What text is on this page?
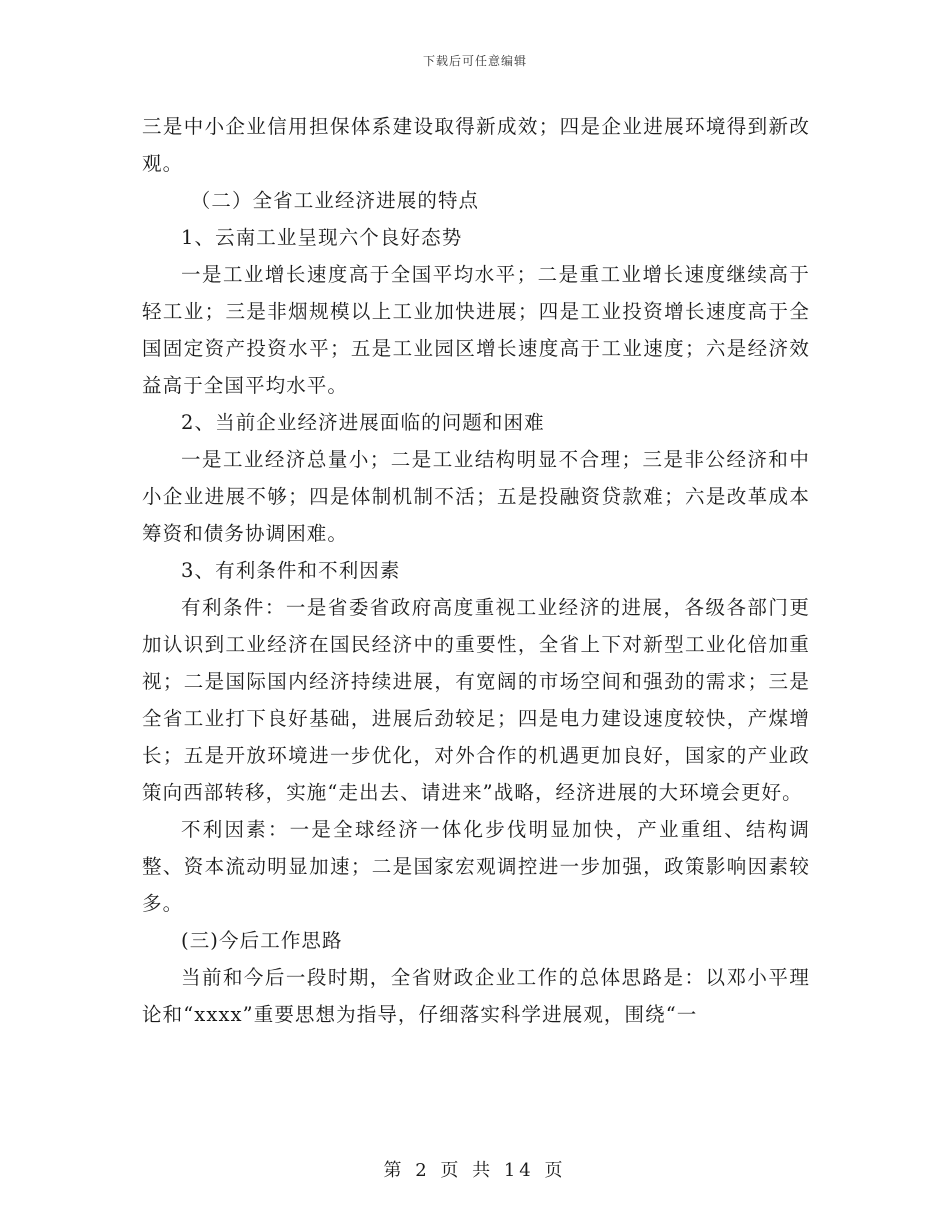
下载后可任意编辑

三是中小企业信用担保体系建设取得新成效；四是企业进展环境得到新改观。

（二）全省工业经济进展的特点

1、云南工业呈现六个良好态势

一是工业增长速度高于全国平均水平；二是重工业增长速度继续高于轻工业；三是非烟规模以上工业加快进展；四是工业投资增长速度高于全国固定资产投资水平；五是工业园区增长速度高于工业速度；六是经济效益高于全国平均水平。

2、当前企业经济进展面临的问题和困难

一是工业经济总量小；二是工业结构明显不合理；三是非公经济和中小企业进展不够；四是体制机制不活；五是投融资贷款难；六是改革成本筹资和债务协调困难。

3、有利条件和不利因素

有利条件：一是省委省政府高度重视工业经济的进展，各级各部门更加认识到工业经济在国民经济中的重要性，全省上下对新型工业化倍加重视；二是国际国内经济持续进展，有宽阔的市场空间和强劲的需求；三是全省工业打下良好基础，进展后劲较足；四是电力建设速度较快，产煤增长；五是开放环境进一步优化，对外合作的机遇更加良好，国家的产业政策向西部转移，实施“走出去、请进来”战略，经济进展的大环境会更好。

不利因素：一是全球经济一体化步伐明显加快，产业重组、结构调整、资本流动明显加速；二是国家宏观调控进一步加强，政策影响因素较多。

(三)今后工作思路

当前和今后一段时期，全省财政企业工作的总体思路是：以邓小平理论和“xxxx”重要思想为指导，仔细落实科学进展观，围绕“一

第 2 页 共 14 页
